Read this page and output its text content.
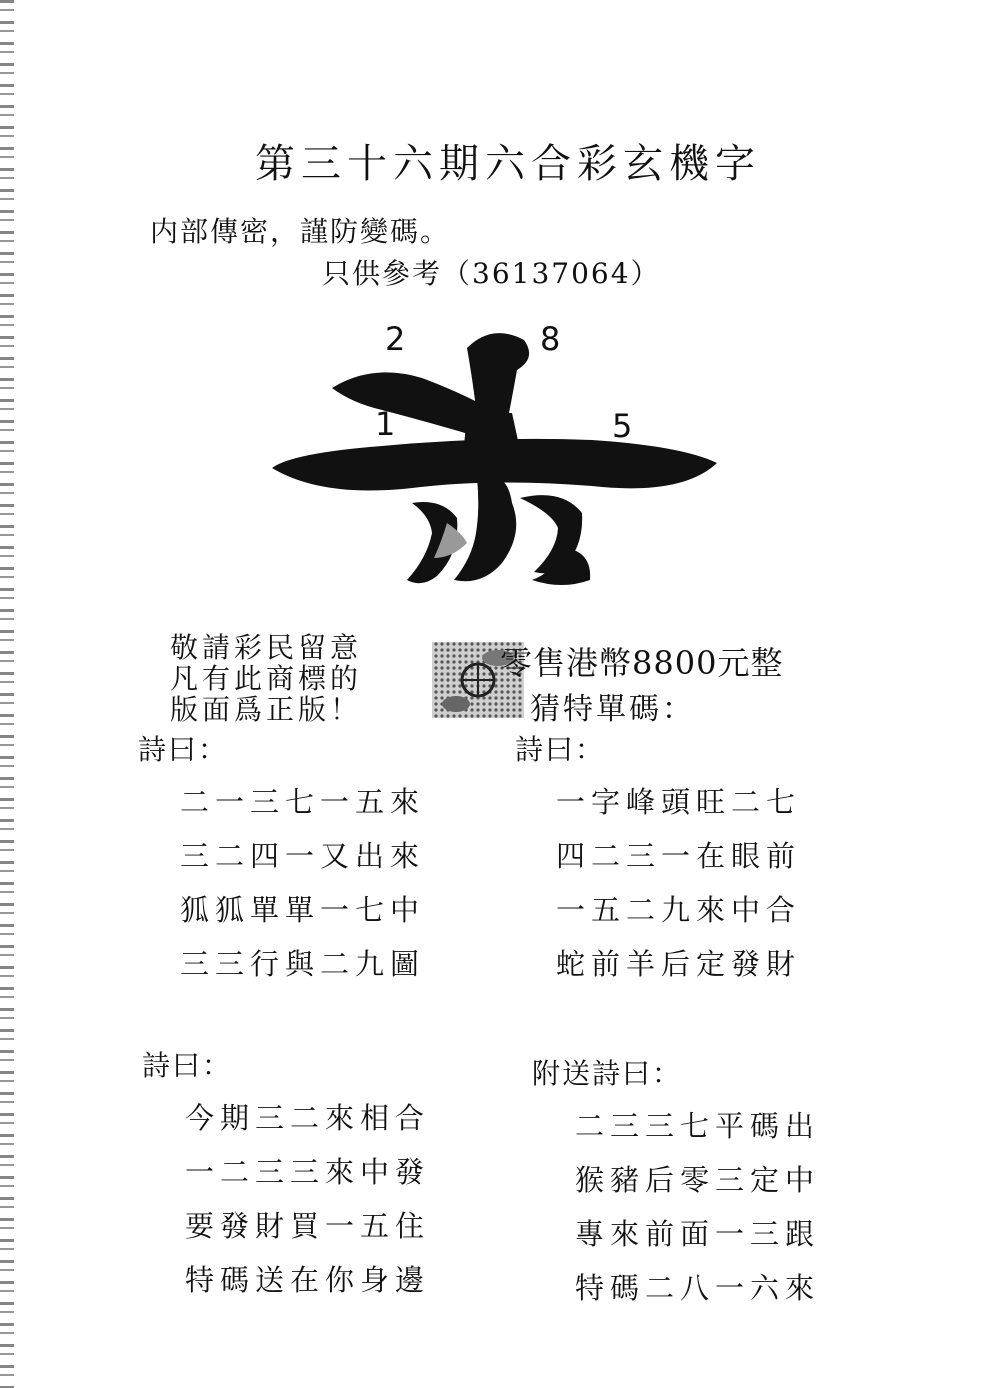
第三十六期六合彩玄機字
内部傳密，謹防變碼。
只供參考（36137064）
2	8
1	5
敬請彩民留意
凡有此商標的
版面爲正版！
零售港幣8800元整
猜特單碼：
詩曰：
二一三七一五來
三二四一又出來
狐狐單單一七中
三三行與二九圖
詩曰：
一字峰頭旺二七
四二三一在眼前
一五二九來中合
蛇前羊后定發財
詩曰：
今期三二來相合
一二三三來中發
要發財買一五住
特碼送在你身邊
附送詩曰：
二三三七平碼出
猴豬后零三定中
專來前面一三跟
特碼二八一六來
